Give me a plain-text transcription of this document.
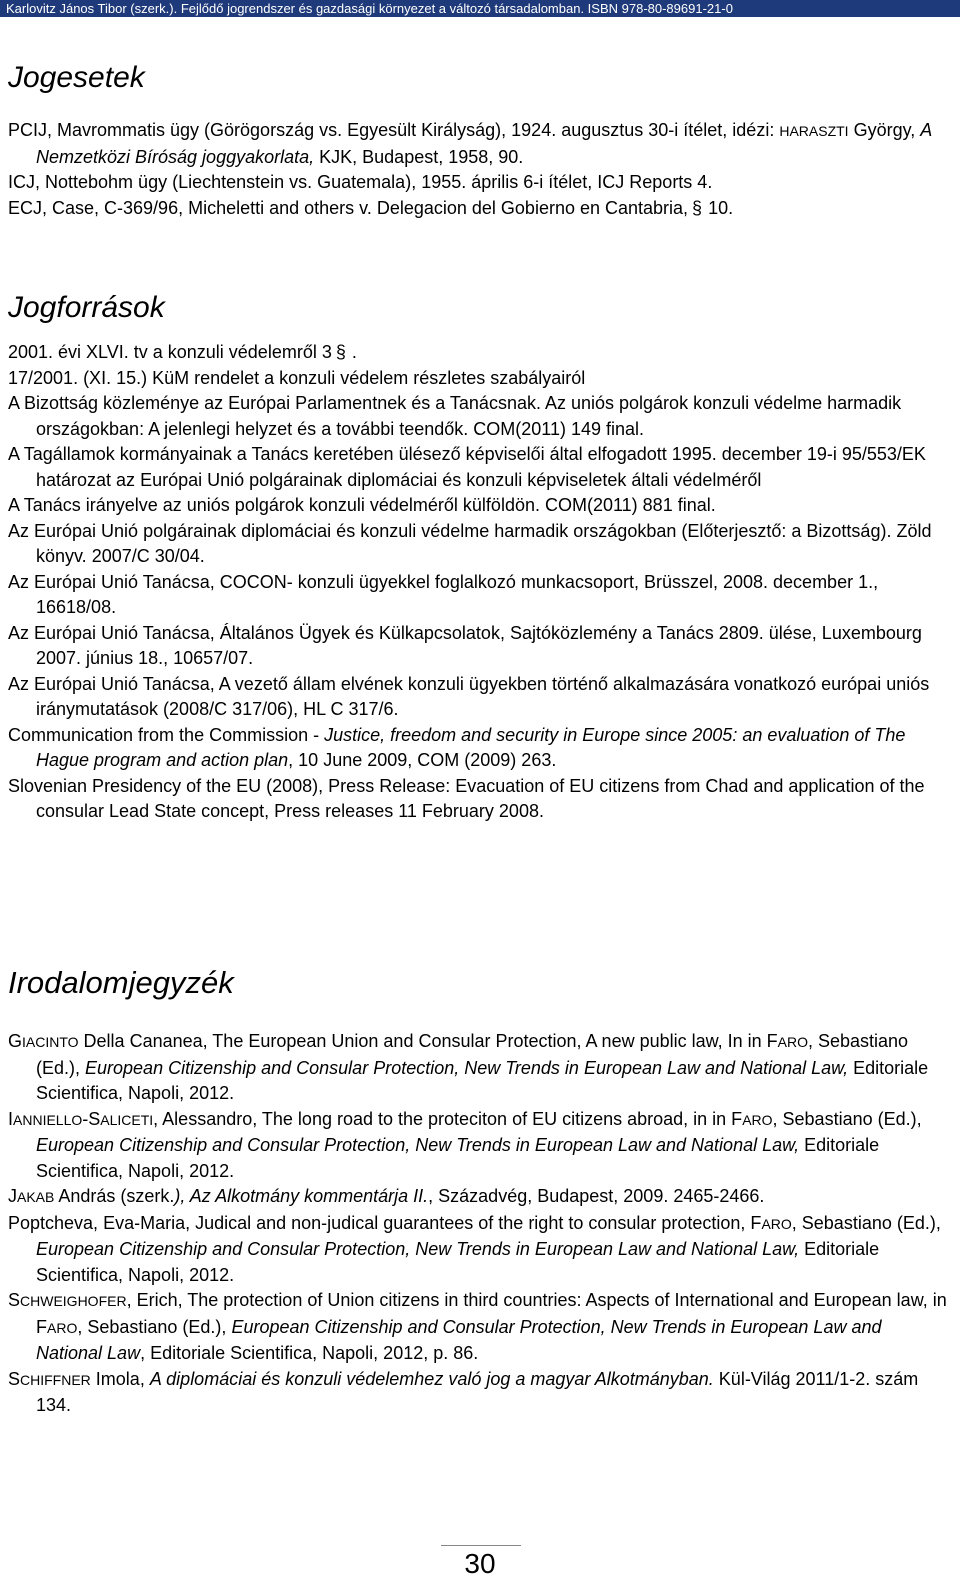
Karlovitz János Tibor (szerk.). Fejlődő jogrendszer és gazdasági környezet a változó társadalomban. ISBN 978-80-89691-21-0
Jogesetek
PCIJ, Mavrommatis ügy (Görögország vs. Egyesült Királyság), 1924. augusztus 30-i ítélet, idézi: HARASZTI György, A Nemzetközi Bíróság joggyakorlata, KJK, Budapest, 1958, 90.
ICJ, Nottebohm ügy (Liechtenstein vs. Guatemala), 1955. április 6-i ítélet, ICJ Reports 4.
ECJ, Case, C-369/96, Micheletti and others v. Delegacion del Gobierno en Cantabria, § 10.
Jogforrások
2001. évi XLVI. tv a konzuli védelemről 3 § .
17/2001. (XI. 15.) KüM rendelet a konzuli védelem részletes szabályairól
A Bizottság közleménye az Európai Parlamentnek és a Tanácsnak. Az uniós polgárok konzuli védelme harmadik országokban: A jelenlegi helyzet és a további teendők. COM(2011) 149 final.
A Tagállamok kormányainak a Tanács keretében ülésező képviselői által elfogadott 1995. december 19-i 95/553/EK határozat az Európai Unió polgárainak diplomáciai és konzuli képviseletek általi védelméről
A Tanács irányelve az uniós polgárok konzuli védelméről külföldön. COM(2011) 881 final.
Az Európai Unió polgárainak diplomáciai és konzuli védelme harmadik országokban (Előterjesztő: a Bizottság). Zöld könyv. 2007/C 30/04.
Az Európai Unió Tanácsa, COCON- konzuli ügyekkel foglalkozó munkacsoport, Brüsszel, 2008. december 1., 16618/08.
Az Európai Unió Tanácsa, Általános Ügyek és Külkapcsolatok, Sajtóközlemény a Tanács 2809. ülése, Luxembourg 2007. június 18., 10657/07.
Az Európai Unió Tanácsa, A vezető állam elvének konzuli ügyekben történő alkalmazására vonatkozó európai uniós iránymutatások (2008/C 317/06), HL C 317/6.
Communication from the Commission - Justice, freedom and security in Europe since 2005: an evaluation of The Hague program and action plan, 10 June 2009, COM (2009) 263.
Slovenian Presidency of the EU (2008), Press Release: Evacuation of EU citizens from Chad and application of the consular Lead State concept, Press releases 11 February 2008.
Irodalomjegyzék
GIACINTO Della Cananea, The European Union and Consular Protection, A new public law, In in FARO, Sebastiano (Ed.), European Citizenship and Consular Protection, New Trends in European Law and National Law, Editoriale Scientifica, Napoli, 2012.
IANNIELLO-SALICETI, Alessandro, The long road to the proteciton of EU citizens abroad, in in FARO, Sebastiano (Ed.), European Citizenship and Consular Protection, New Trends in European Law and National Law, Editoriale Scientifica, Napoli, 2012.
JAKAB András (szerk.), Az Alkotmány kommentárja II., Századvég, Budapest, 2009. 2465-2466.
Poptcheva, Eva-Maria, Judical and non-judical guarantees of the right to consular protection, FARO, Sebastiano (Ed.), European Citizenship and Consular Protection, New Trends in European Law and National Law, Editoriale Scientifica, Napoli, 2012.
SCHWEIGHOFER, Erich, The protection of Union citizens in third countries: Aspects of International and European law, in FARO, Sebastiano (Ed.), European Citizenship and Consular Protection, New Trends in European Law and National Law, Editoriale Scientifica, Napoli, 2012, p. 86.
SCHIFFNER Imola, A diplomáciai és konzuli védelemhez való jog a magyar Alkotmányban. Kül-Világ 2011/1-2. szám 134.
30
